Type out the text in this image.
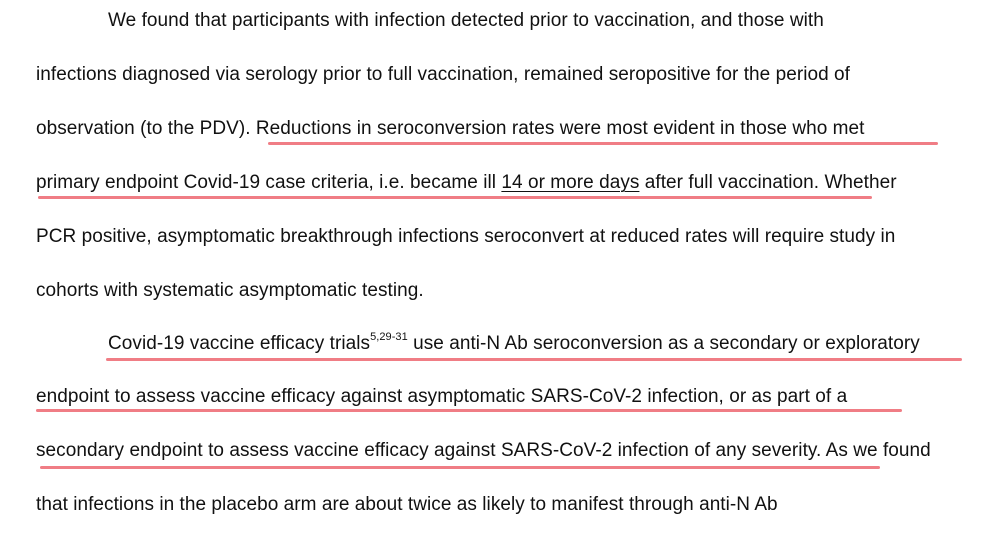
We found that participants with infection detected prior to vaccination, and those with
infections diagnosed via serology prior to full vaccination, remained seropositive for the period of
observation (to the PDV). Reductions in seroconversion rates were most evident in those who met
primary endpoint Covid-19 case criteria, i.e. became ill 14 or more days after full vaccination. Whether
PCR positive, asymptomatic breakthrough infections seroconvert at reduced rates will require study in
cohorts with systematic asymptomatic testing.
Covid-19 vaccine efficacy trials$^{5,29-31}$ use anti-N Ab seroconversion as a secondary or exploratory
endpoint to assess vaccine efficacy against asymptomatic SARS-CoV-2 infection, or as part of a
secondary endpoint to assess vaccine efficacy against SARS-CoV-2 infection of any severity. As we found
that infections in the placebo arm are about twice as likely to manifest through anti-N Ab
